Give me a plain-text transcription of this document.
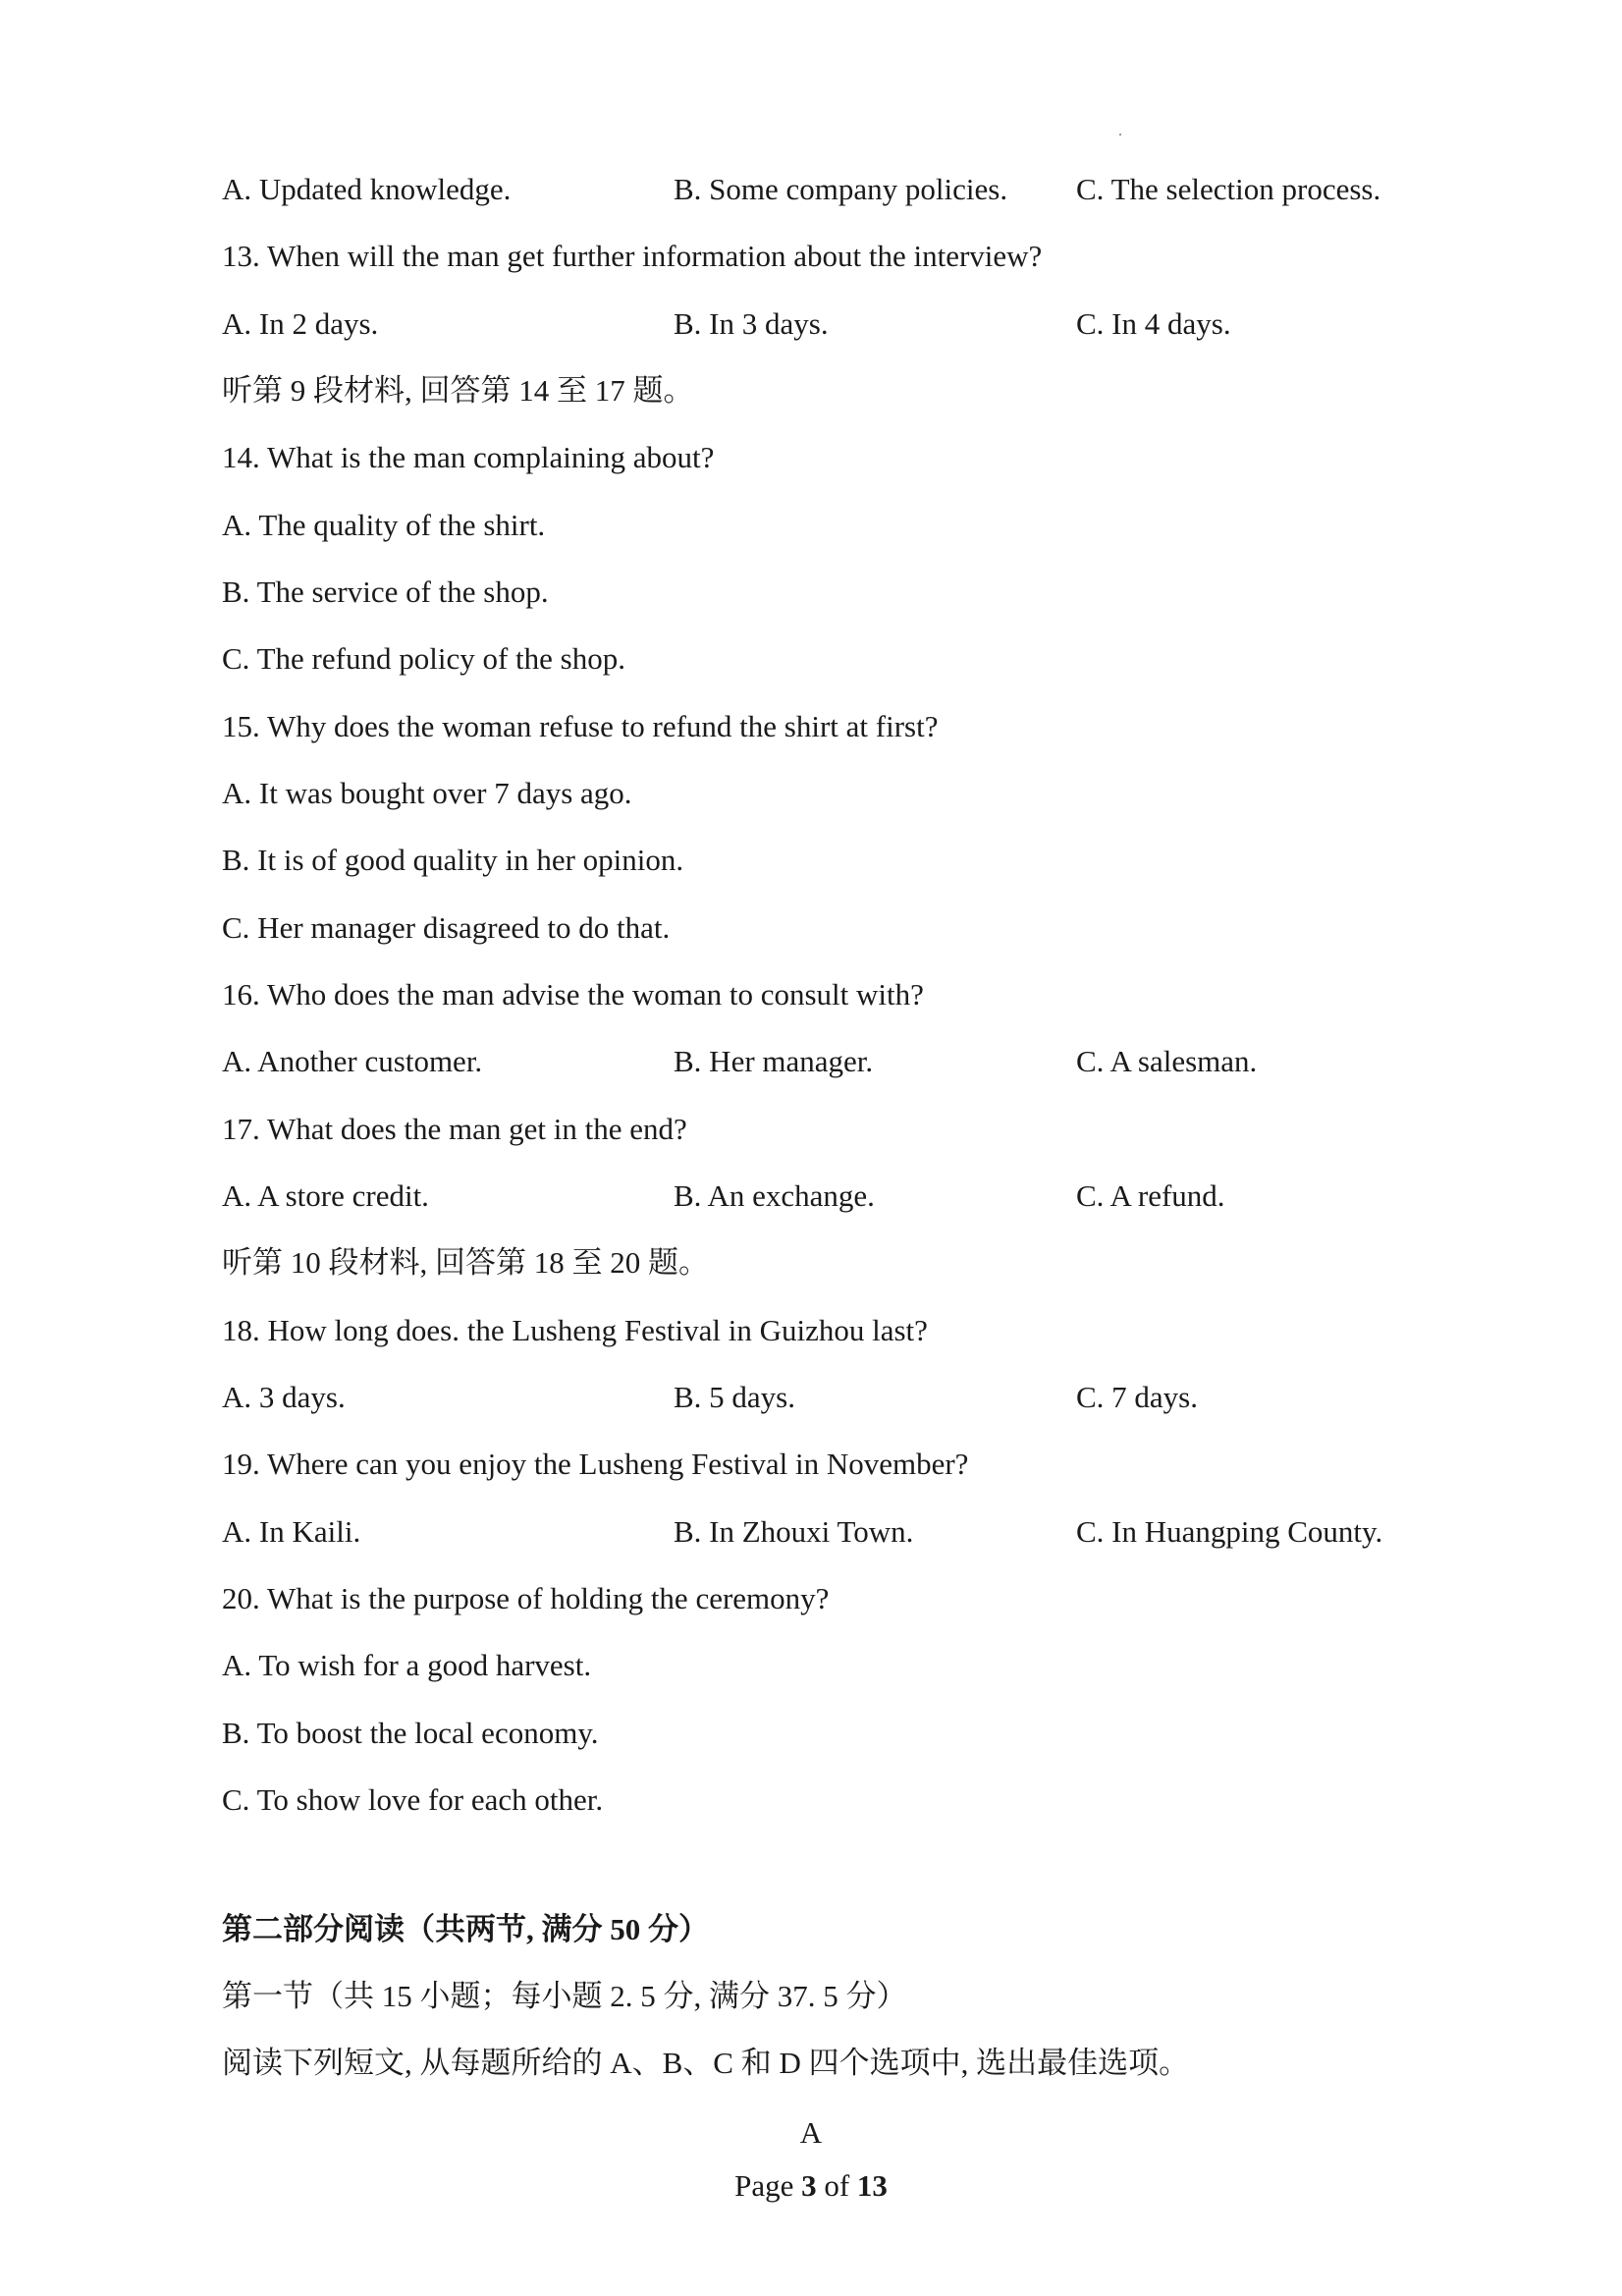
A. Updated knowledge.	B. Some company policies. C. The selection process.
13. When will the man get further information about the interview?
A. In 2 days.	B. In 3 days.	C. In 4 days.
听第 9 段材料, 回答第 14 至 17 题。
14. What is the man complaining about?
A. The quality of the shirt.
B. The service of the shop.
C. The refund policy of the shop.
15. Why does the woman refuse to refund the shirt at first?
A. It was bought over 7 days ago.
B. It is of good quality in her opinion.
C. Her manager disagreed to do that.
16. Who does the man advise the woman to consult with?
A. Another customer.	B. Her manager.	C. A salesman.
17. What does the man get in the end?
A. A store credit.	B. An exchange.	C. A refund.
听第 10 段材料, 回答第 18 至 20 题。
18. How long does. the Lusheng Festival in Guizhou last?
A. 3 days.	B. 5 days.	C. 7 days.
19. Where can you enjoy the Lusheng Festival in November?
A. In Kaili.	B. In Zhouxi Town.	C. In Huangping County.
20. What is the purpose of holding the ceremony?
A. To wish for a good harvest.
B. To boost the local economy.
C. To show love for each other.
第二部分阅读（共两节, 满分 50 分）
第一节（共 15 小题；每小题 2. 5 分, 满分 37. 5 分）
阅读下列短文, 从每题所给的 A、B、C 和 D 四个选项中, 选出最佳选项。
A
Page 3 of 13
